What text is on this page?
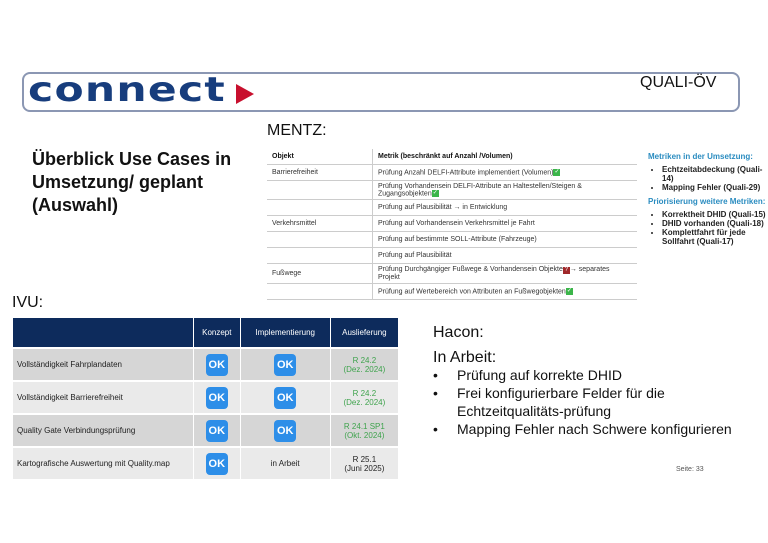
connect	QUALI-ÖV
Überblick Use Cases in Umsetzung/ geplant (Auswahl)
MENTZ:
Objekt	Metrik (beschränkt auf Anzahl /Volumen)
Barrierefreiheit	Prüfung Anzahl DELFI-Attribute implementiert (Volumen)✓
	Prüfung Vorhandensein DELFI-Attribute an Haltestellen/Steigen & Zugangsobjekten✓
	Prüfung auf Plausibilität → in Entwicklung
Verkehrsmittel	Prüfung auf Vorhandensein Verkehrsmittel je Fahrt
	Prüfung auf bestimmte SOLL-Attribute (Fahrzeuge)
	Prüfung auf Plausibilität
Fußwege	Prüfung Durchgängiger Fußwege & Vorhandensein Objekte ? → separates Projekt
	Prüfung auf Wertebereich von Attributen an Fußwegobjekten✓
Metriken in der Umsetzung:
• Echtzeitabdeckung (Quali-14)
• Mapping Fehler (Quali-29)
Priorisierung weitere Metriken:
• Korrektheit DHID (Quali-15)
• DHID vorhanden (Quali-18)
• Komplettfahrt für jede Sollfahrt (Quali-17)
IVU:
	Konzept	Implementierung	Auslieferung
Vollständigkeit Fahrplandaten	OK	OK	R 24.2
(Dez. 2024)

Vollständigkeit Barrierefreiheit	OK	OK	R 24.2
(Dez. 2024)

Quality Gate Verbindungsprüfung	OK	OK	R 24.1 SP1
(Okt. 2024)

Kartografische Auswertung mit Quality.map	OK	in Arbeit	R 25.1
(Juni 2025)
Hacon:
In Arbeit:
• Prüfung auf korrekte DHID
• Frei konfigurierbare Felder für die Echtzeitqualitäts-prüfung
• Mapping Fehler nach Schwere konfigurieren
Seite: 33
